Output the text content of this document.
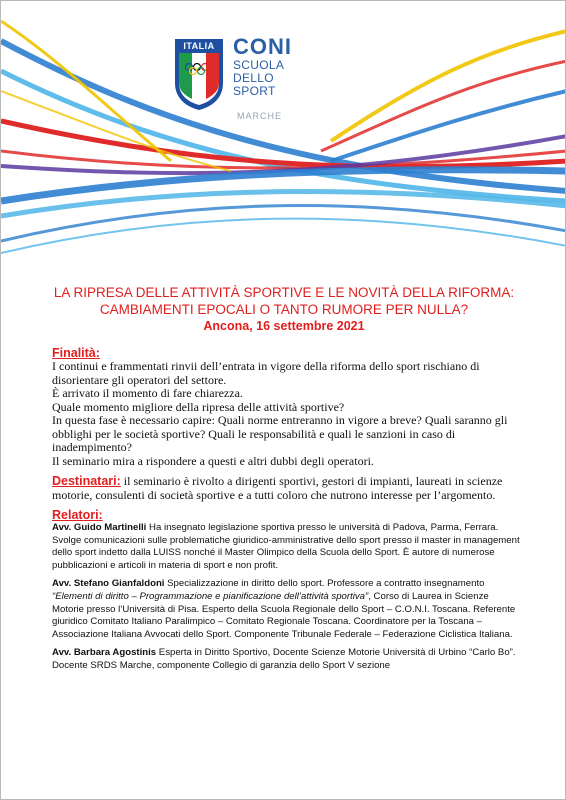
ITALIA CONI
SCUOLA
DELLO SPORT
MARCHE
LA RIPRESA DELLE ATTIVITÀ SPORTIVE E LE NOVITÀ DELLA RIFORMA:
CAMBIAMENTI EPOCALI O TANTO RUMORE PER NULLA?
Ancona, 16 settembre 2021
Finalità:

I continui e frammentati rinvii dell’entrata in vigore della riforma dello sport rischiano di disorientare gli operatori del settore.

È arrivato il momento di fare chiarezza.

Quale momento migliore della ripresa delle attività sportive?

In questa fase è necessario capire: Quali norme entreranno in vigore a breve? Quali saranno gli obblighi per le società sportive? Quali le responsabilità e quali le sanzioni in caso di inadempimento?

Il seminario mira a rispondere a questi e altri dubbi degli operatori.

Destinatari: il seminario è rivolto a dirigenti sportivi, gestori di impianti, laureati in scienze motorie, consulenti di società sportive e a tutti coloro che nutrono interesse per l’argomento.
Relatori:

Avv. Guido Martinelli Ha insegnato legislazione sportiva presso le università di Padova, Parma, Ferrara. Svolge comunicazioni sulle problematiche giuridico-amministrative dello sport presso il master in management dello sport indetto dalla LUISS nonché il Master Olimpico della Scuola dello Sport. È autore di numerose pubblicazioni e articoli in materia di sport e non profit.

Avv. Stefano Gianfaldoni Specializzazione in diritto dello sport. Professore a contratto insegnamento “Elementi di diritto – Programmazione e pianificazione dell’attività sportiva”, Corso di Laurea in Scienze Motorie presso l’Università di Pisa. Esperto della Scuola Regionale dello Sport – C.O.N.I. Toscana. Referente giuridico Comitato Italiano Paralimpico – Comitato Regionale Toscana. Coordinatore per la Toscana – Associazione Italiana Avvocati dello Sport. Componente Tribunale Federale – Federazione Ciclistica Italiana.

Avv. Barbara Agostinis Esperta in Diritto Sportivo, Docente Scienze Motorie Università di Urbino “Carlo Bo”. Docente SRDS Marche, componente Collegio di garanzia dello Sport V sezione
